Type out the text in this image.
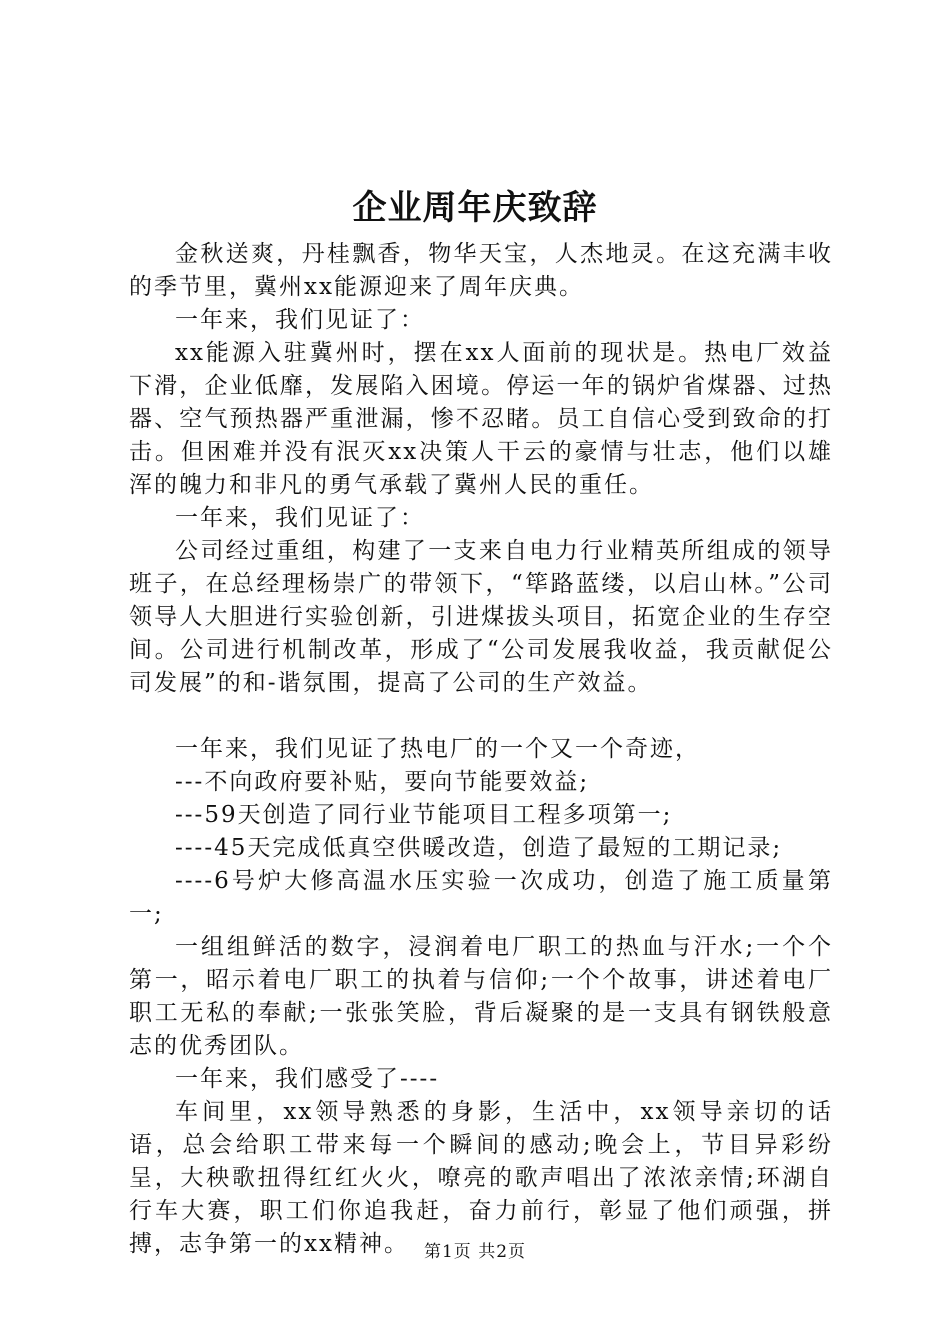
企业周年庆致辞

金秋送爽，丹桂飘香，物华天宝，人杰地灵。在这充满丰收的季节里，冀州xx能源迎来了周年庆典。

一年来，我们见证了：

xx能源入驻冀州时，摆在xx人面前的现状是。热电厂效益下滑，企业低靡，发展陷入困境。停运一年的锅炉省煤器、过热器、空气预热器严重泄漏，惨不忍睹。员工自信心受到致命的打击。但困难并没有泯灭xx决策人干云的豪情与壮志，他们以雄浑的魄力和非凡的勇气承载了冀州人民的重任。

一年来，我们见证了：

公司经过重组，构建了一支来自电力行业精英所组成的领导班子，在总经理杨崇广的带领下，“筚路蓝缕，以启山林。”公司领导人大胆进行实验创新，引进煤拔头项目，拓宽企业的生存空间。公司进行机制改革，形成了“公司发展我收益，我贡献促公司发展”的和-谐氛围，提高了公司的生产效益。

一年来，我们见证了热电厂的一个又一个奇迹，

---不向政府要补贴，要向节能要效益;

---59天创造了同行业节能项目工程多项第一;

----45天完成低真空供暖改造，创造了最短的工期记录;

----6号炉大修高温水压实验一次成功，创造了施工质量第一;

一组组鲜活的数字，浸润着电厂职工的热血与汗水;一个个第一，昭示着电厂职工的执着与信仰;一个个故事，讲述着电厂职工无私的奉献;一张张笑脸，背后凝聚的是一支具有钢铁般意志的优秀团队。

一年来，我们感受了----

车间里，xx领导熟悉的身影，生活中，xx领导亲切的话语，总会给职工带来每一个瞬间的感动;晚会上，节目异彩纷呈，大秧歌扭得红红火火，嘹亮的歌声唱出了浓浓亲情;环湖自行车大赛，职工们你追我赶，奋力前行，彰显了他们顽强，拼搏，志争第一的xx精神。 第1页 共2页
